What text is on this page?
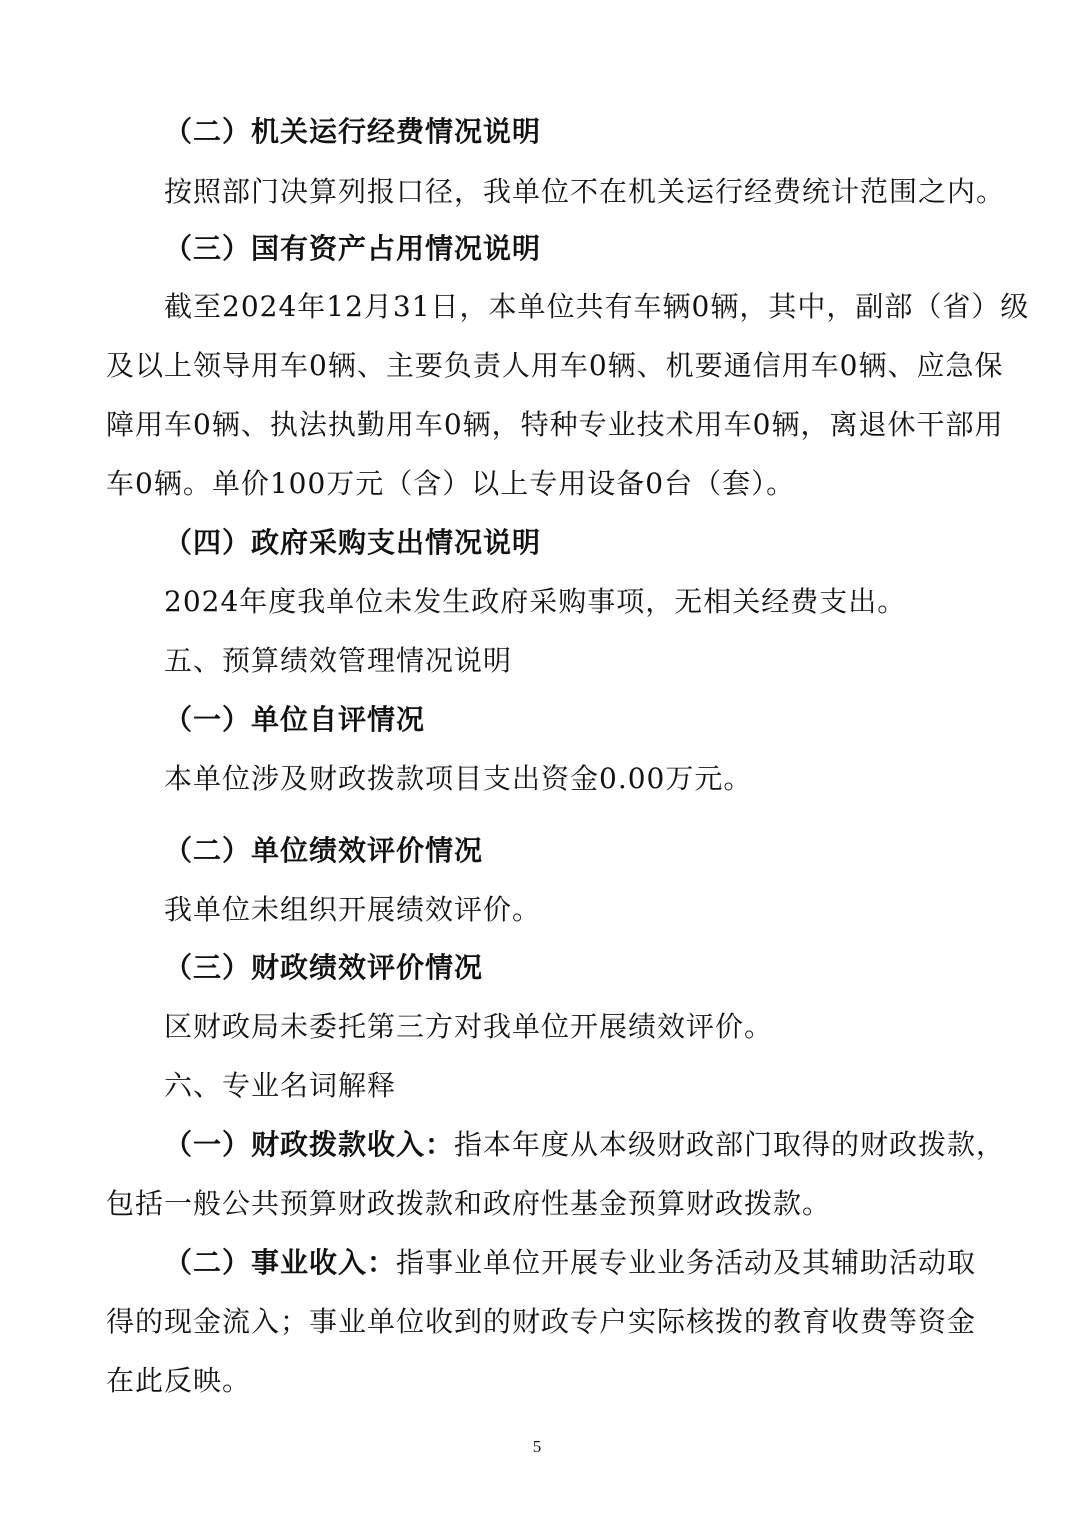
（二）机关运行经费情况说明
按照部门决算列报口径，我单位不在机关运行经费统计范围之内。
（三）国有资产占用情况说明
截至2024年12月31日，本单位共有车辆0辆，其中，副部（省）级
及以上领导用车0辆、主要负责人用车0辆、机要通信用车0辆、应急保
障用车0辆、执法执勤用车0辆，特种专业技术用车0辆，离退休干部用
车0辆。单价100万元（含）以上专用设备0台（套）。
（四）政府采购支出情况说明
2024年度我单位未发生政府采购事项，无相关经费支出。
五、预算绩效管理情况说明
（一）单位自评情况
本单位涉及财政拨款项目支出资金0.00万元。
（二）单位绩效评价情况
我单位未组织开展绩效评价。
（三）财政绩效评价情况
区财政局未委托第三方对我单位开展绩效评价。
六、专业名词解释
（一）财政拨款收入：指本年度从本级财政部门取得的财政拨款，
包括一般公共预算财政拨款和政府性基金预算财政拨款。
（二）事业收入：指事业单位开展专业业务活动及其辅助活动取
得的现金流入；事业单位收到的财政专户实际核拨的教育收费等资金
在此反映。
5
